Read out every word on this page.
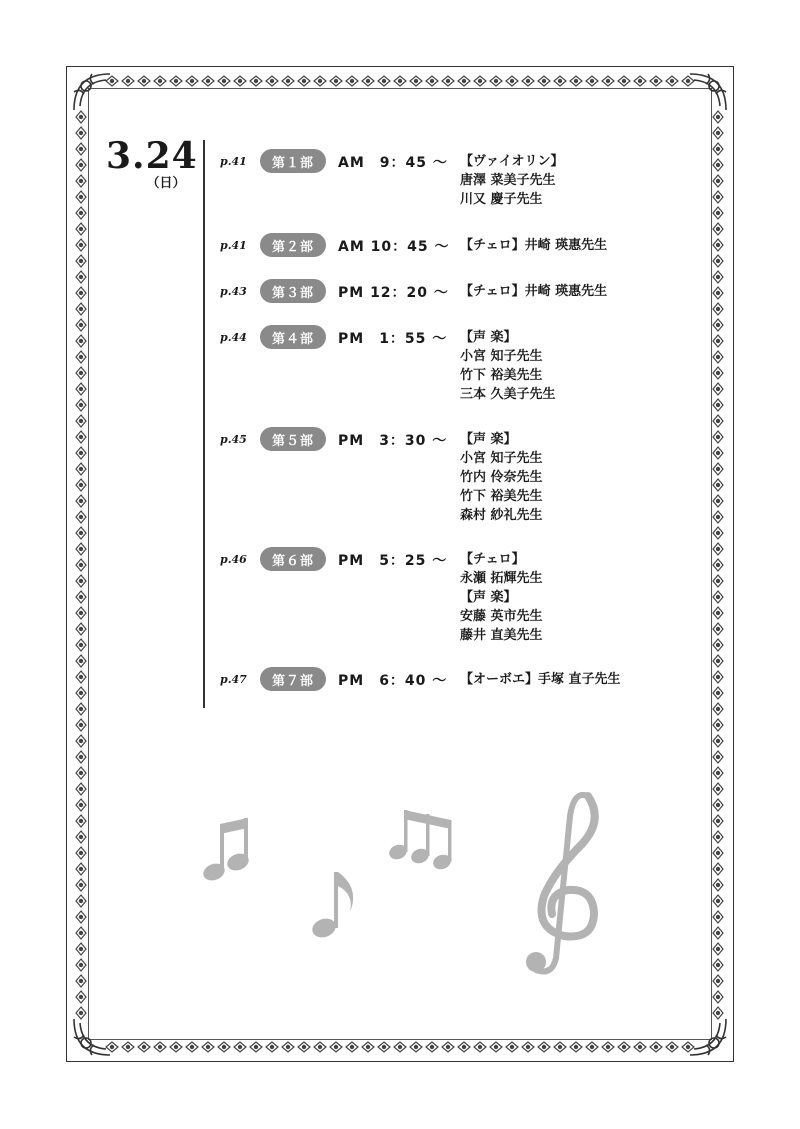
3.24
（日）
p.41	第１部	AM　9：45 ～ 【ヴァイオリン】
唐澤 菜美子先生
川又 慶子先生
p.41	第２部	AM 10：45 ～ 【チェロ】井崎 瑛惠先生
p.43	第３部	PM 12：20 ～ 【チェロ】井崎 瑛惠先生
p.44	第４部	PM　1：55 ～ 【声 楽】
小宮 知子先生
竹下 裕美先生
三本 久美子先生
p.45	第５部	PM　3：30 ～ 【声 楽】
小宮 知子先生
竹内 伶奈先生
竹下 裕美先生
森村 紗礼先生
p.46	第６部	PM　5：25 ～ 【チェロ】
永瀬 拓輝先生
【声 楽】
安藤 英市先生
藤井 直美先生
p.47	第７部	PM　6：40 ～ 【オーボエ】手塚 直子先生
